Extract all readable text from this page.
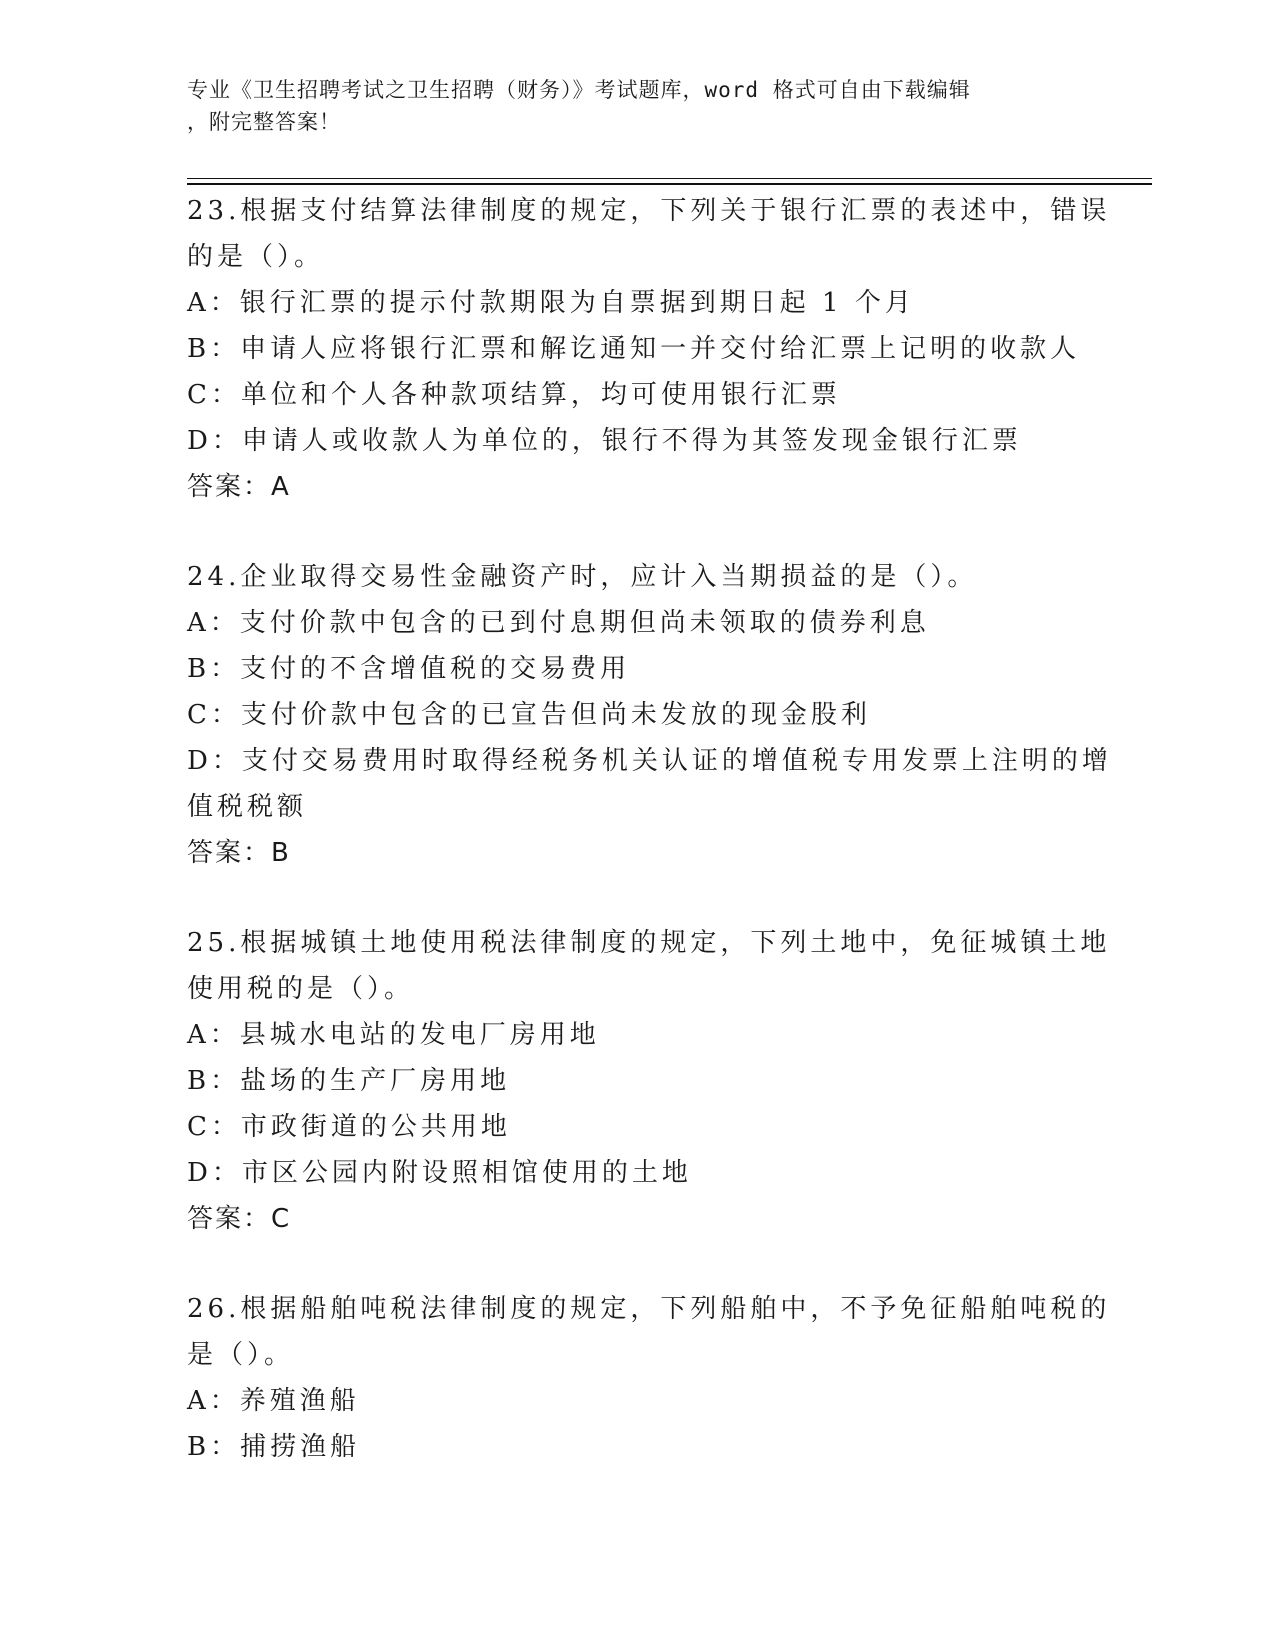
专业《卫生招聘考试之卫生招聘（财务）》考试题库，word 格式可自由下载编辑
，附完整答案！
23.根据支付结算法律制度的规定，下列关于银行汇票的表述中，错误
的是（）。
A：银行汇票的提示付款期限为自票据到期日起 1 个月
B：申请人应将银行汇票和解讫通知一并交付给汇票上记明的收款人
C：单位和个人各种款项结算，均可使用银行汇票
D：申请人或收款人为单位的，银行不得为其签发现金银行汇票
答案：A
24.企业取得交易性金融资产时，应计入当期损益的是（）。
A：支付价款中包含的已到付息期但尚未领取的债券利息
B：支付的不含增值税的交易费用
C：支付价款中包含的已宣告但尚未发放的现金股利
D：支付交易费用时取得经税务机关认证的增值税专用发票上注明的增
值税税额
答案：B
25.根据城镇土地使用税法律制度的规定，下列土地中，免征城镇土地
使用税的是（）。
A：县城水电站的发电厂房用地
B：盐场的生产厂房用地
C：市政街道的公共用地
D：市区公园内附设照相馆使用的土地
答案：C
26.根据船舶吨税法律制度的规定，下列船舶中，不予免征船舶吨税的
是（）。
A：养殖渔船
B：捕捞渔船
